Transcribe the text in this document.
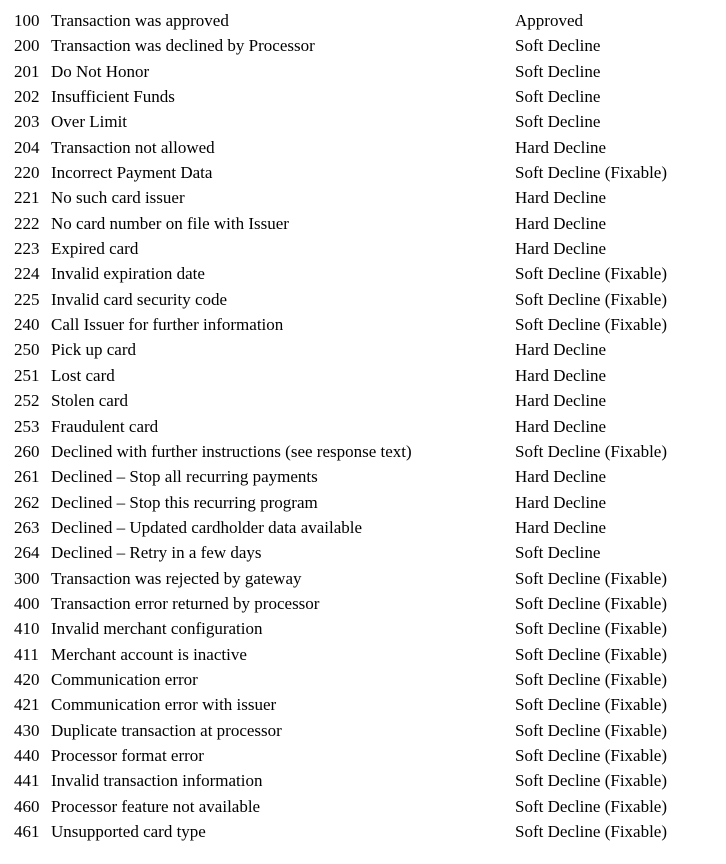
100 Transaction was approved	Approved
200 Transaction was declined by Processor	Soft Decline
201 Do Not Honor	Soft Decline
202 Insufficient Funds	Soft Decline
203 Over Limit	Soft Decline
204 Transaction not allowed	Hard Decline
220 Incorrect Payment Data	Soft Decline (Fixable)
221 No such card issuer	Hard Decline
222 No card number on file with Issuer	Hard Decline
223 Expired card	Hard Decline
224 Invalid expiration date	Soft Decline (Fixable)
225 Invalid card security code	Soft Decline (Fixable)
240 Call Issuer for further information	Soft Decline (Fixable)
250 Pick up card	Hard Decline
251 Lost card	Hard Decline
252 Stolen card	Hard Decline
253 Fraudulent card	Hard Decline
260 Declined with further instructions (see response text)	Soft Decline (Fixable)
261 Declined – Stop all recurring payments	Hard Decline
262 Declined – Stop this recurring program	Hard Decline
263 Declined – Updated cardholder data available	Hard Decline
264 Declined – Retry in a few days	Soft Decline
300 Transaction was rejected by gateway	Soft Decline (Fixable)
400 Transaction error returned by processor	Soft Decline (Fixable)
410 Invalid merchant configuration	Soft Decline (Fixable)
411 Merchant account is inactive	Soft Decline (Fixable)
420 Communication error	Soft Decline (Fixable)
421 Communication error with issuer	Soft Decline (Fixable)
430 Duplicate transaction at processor	Soft Decline (Fixable)
440 Processor format error	Soft Decline (Fixable)
441 Invalid transaction information	Soft Decline (Fixable)
460 Processor feature not available	Soft Decline (Fixable)
461 Unsupported card type	Soft Decline (Fixable)
